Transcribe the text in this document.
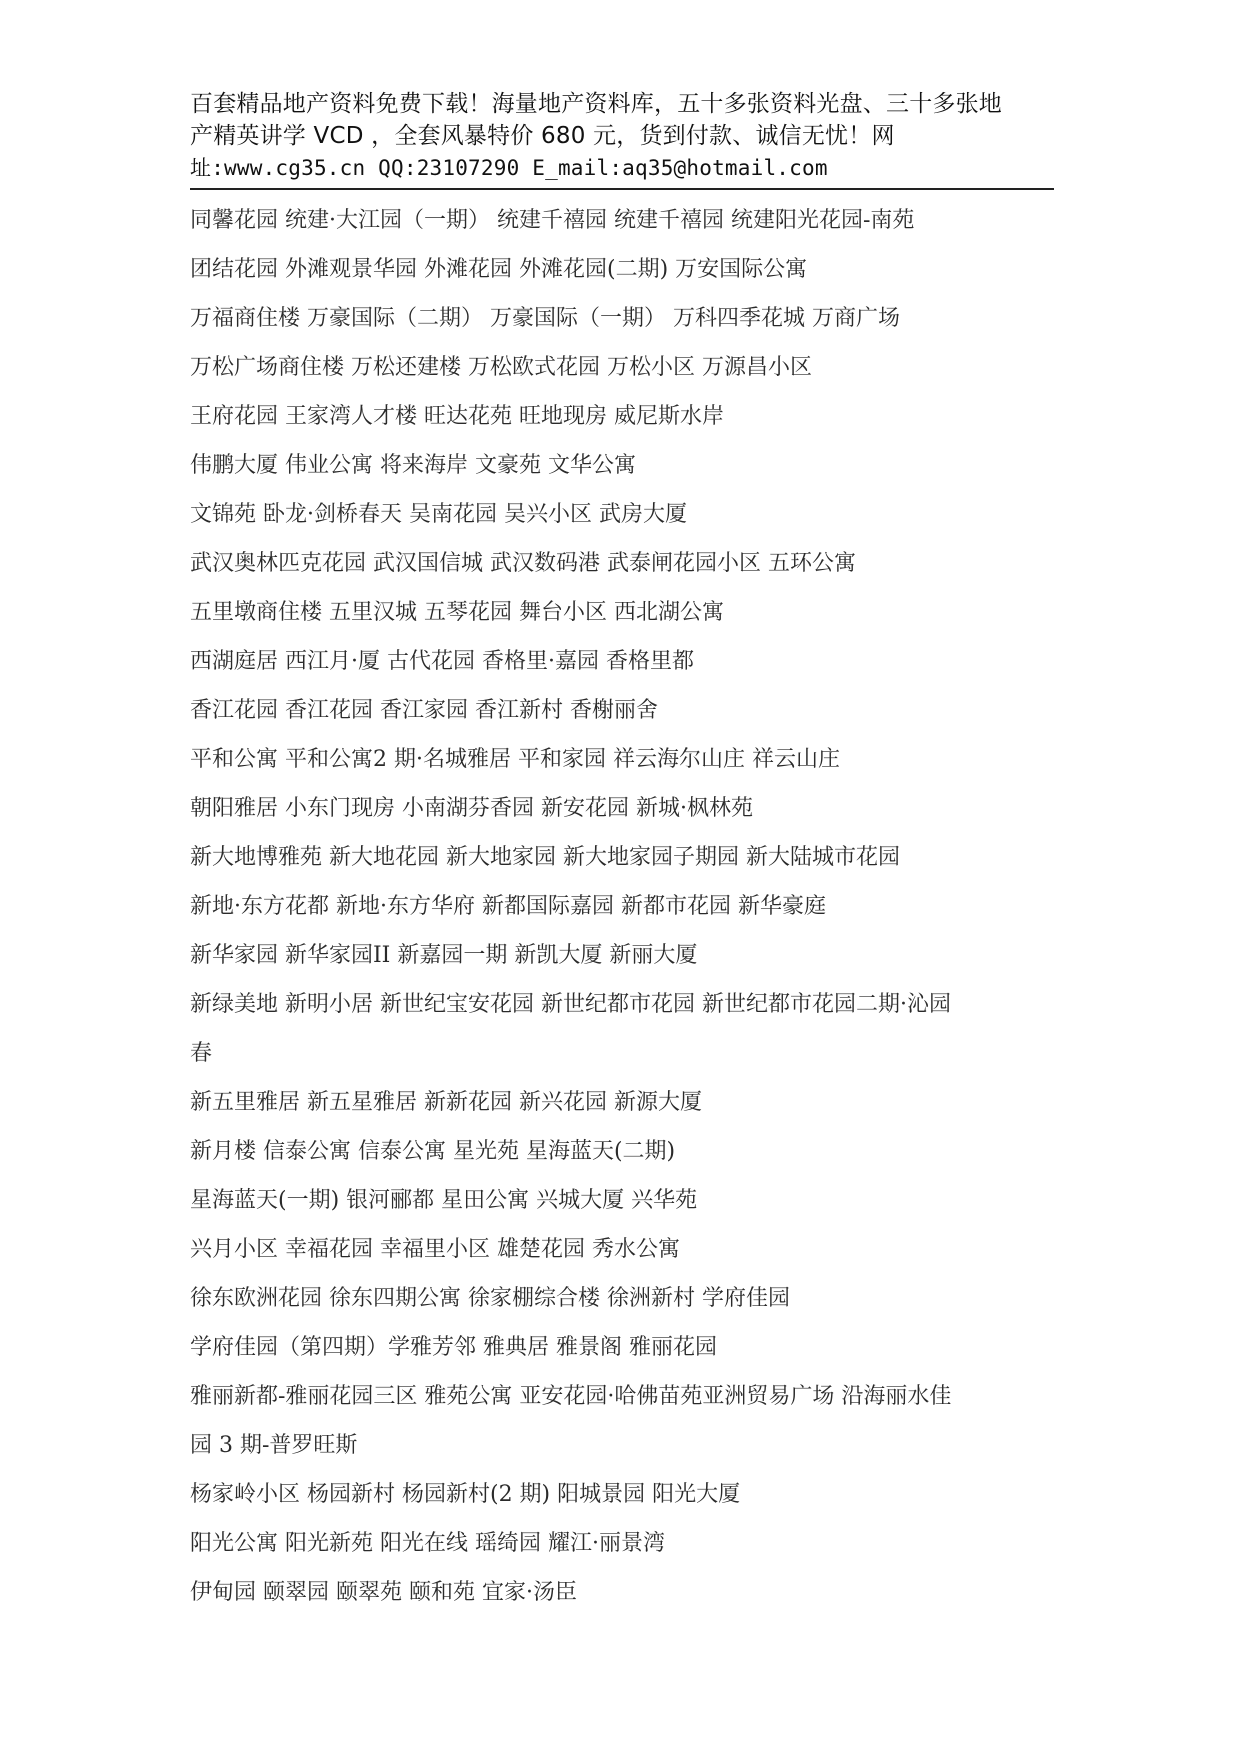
百套精品地产资料免费下载！海量地产资料库，五十多张资料光盘、三十多张地
产精英讲学 VCD ，全套风暴特价 680 元，货到付款、诚信无忧！网
址:www.cg35.cn QQ:23107290 E_mail:aq35@hotmail.com
同馨花园 统建·大江园（一期） 统建千禧园 统建千禧园 统建阳光花园-南苑
团结花园 外滩观景华园 外滩花园 外滩花园(二期) 万安国际公寓
万福商住楼 万豪国际（二期） 万豪国际（一期） 万科四季花城 万商广场
万松广场商住楼 万松还建楼 万松欧式花园 万松小区 万源昌小区
王府花园 王家湾人才楼 旺达花苑 旺地现房 威尼斯水岸
伟鹏大厦 伟业公寓 将来海岸 文豪苑 文华公寓
文锦苑 卧龙·剑桥春天 吴南花园 吴兴小区 武房大厦
武汉奥林匹克花园 武汉国信城 武汉数码港 武泰闸花园小区 五环公寓
五里墩商住楼 五里汉城 五琴花园 舞台小区 西北湖公寓
西湖庭居 西江月·厦 古代花园 香格里·嘉园 香格里都
香江花园 香江花园 香江家园 香江新村 香榭丽舍
平和公寓 平和公寓2 期·名城雅居 平和家园 祥云海尔山庄 祥云山庄
朝阳雅居 小东门现房 小南湖芬香园 新安花园 新城·枫林苑
新大地博雅苑 新大地花园 新大地家园 新大地家园子期园 新大陆城市花园
新地·东方花都 新地·东方华府 新都国际嘉园 新都市花园 新华豪庭
新华家园 新华家园II 新嘉园一期 新凯大厦 新丽大厦
新绿美地 新明小居 新世纪宝安花园 新世纪都市花园 新世纪都市花园二期·沁园
春
新五里雅居 新五星雅居 新新花园 新兴花园 新源大厦
新月楼 信泰公寓 信泰公寓 星光苑 星海蓝天(二期)
星海蓝天(一期) 银河郦都 星田公寓 兴城大厦 兴华苑
兴月小区 幸福花园 幸福里小区 雄楚花园 秀水公寓
徐东欧洲花园 徐东四期公寓 徐家棚综合楼 徐洲新村 学府佳园
学府佳园（第四期）学雅芳邻 雅典居 雅景阁 雅丽花园
雅丽新都-雅丽花园三区 雅苑公寓 亚安花园·哈佛苗苑亚洲贸易广场 沿海丽水佳
园 3 期-普罗旺斯
杨家岭小区 杨园新村 杨园新村(2 期) 阳城景园 阳光大厦
阳光公寓 阳光新苑 阳光在线 瑶绮园 耀江·丽景湾
伊甸园 颐翠园 颐翠苑 颐和苑 宜家·汤臣
